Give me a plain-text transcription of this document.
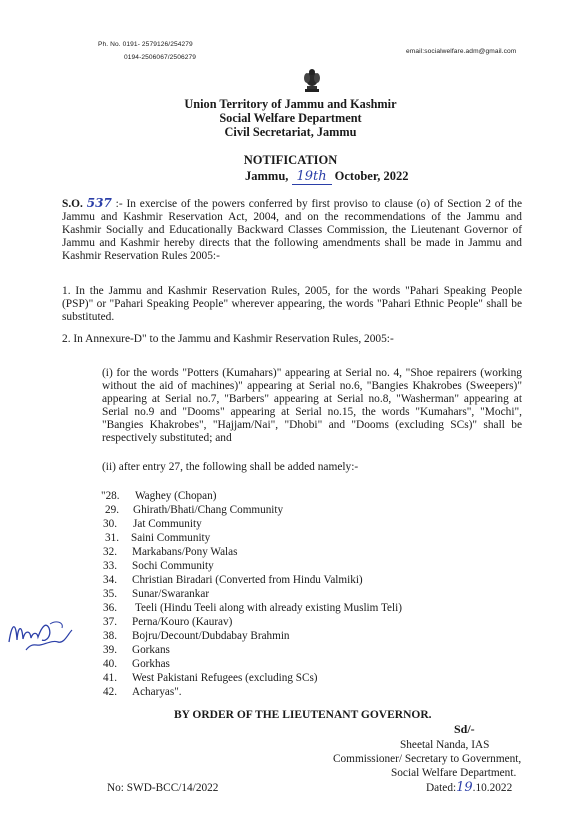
Ph. No. 0191- 2579126/254279
0194-2506067/2506279
email:socialwelfare.adm@gmail.com
Union Territory of Jammu and Kashmir
Social Welfare Department
Civil Secretariat, Jammu
NOTIFICATION
Jammu, 19th October, 2022
S.O. 537 :- In exercise of the powers conferred by first proviso to clause (o) of Section 2 of the Jammu and Kashmir Reservation Act, 2004, and on the recommendations of the Jammu and Kashmir Socially and Educationally Backward Classes Commission, the Lieutenant Governor of Jammu and Kashmir hereby directs that the following amendments shall be made in Jammu and Kashmir Reservation Rules 2005:-
1. In the Jammu and Kashmir Reservation Rules, 2005, for the words "Pahari Speaking People (PSP)" or "Pahari Speaking People" wherever appearing, the words "Pahari Ethnic People" shall be substituted.
2. In Annexure-D" to the Jammu and Kashmir Reservation Rules, 2005:-
(i) for the words "Potters (Kumahars)" appearing at Serial no. 4, "Shoe repairers (working without the aid of machines)" appearing at Serial no.6, "Bangies Khakrobes (Sweepers)" appearing at Serial no.7, "Barbers" appearing at Serial no.8, "Washerman" appearing at Serial no.9 and "Dooms" appearing at Serial no.15, the words "Kumahars", "Mochi", "Bangies Khakrobes", "Hajjam/Nai", "Dhobi" and "Dooms (excluding SCs)" shall be respectively substituted; and
(ii) after entry 27, the following shall be added namely:-
"28. Waghey (Chopan)
29. Ghirath/Bhati/Chang Community
30. Jat Community
31. Saini Community
32. Markabans/Pony Walas
33. Sochi Community
34. Christian Biradari (Converted from Hindu Valmiki)
35. Sunar/Swarankar
36. Teeli (Hindu Teeli along with already existing Muslim Teli)
37. Perna/Kouro (Kaurav)
38. Bojru/Decount/Dubdabay Brahmin
39. Gorkans
40. Gorkhas
41. West Pakistani Refugees (excluding SCs)
42. Acharyas".
BY ORDER OF THE LIEUTENANT GOVERNOR.
Sd/-
Sheetal Nanda, IAS
Commissioner/ Secretary to Government,
Social Welfare Department.
Dated:19.10.2022
No: SWD-BCC/14/2022
